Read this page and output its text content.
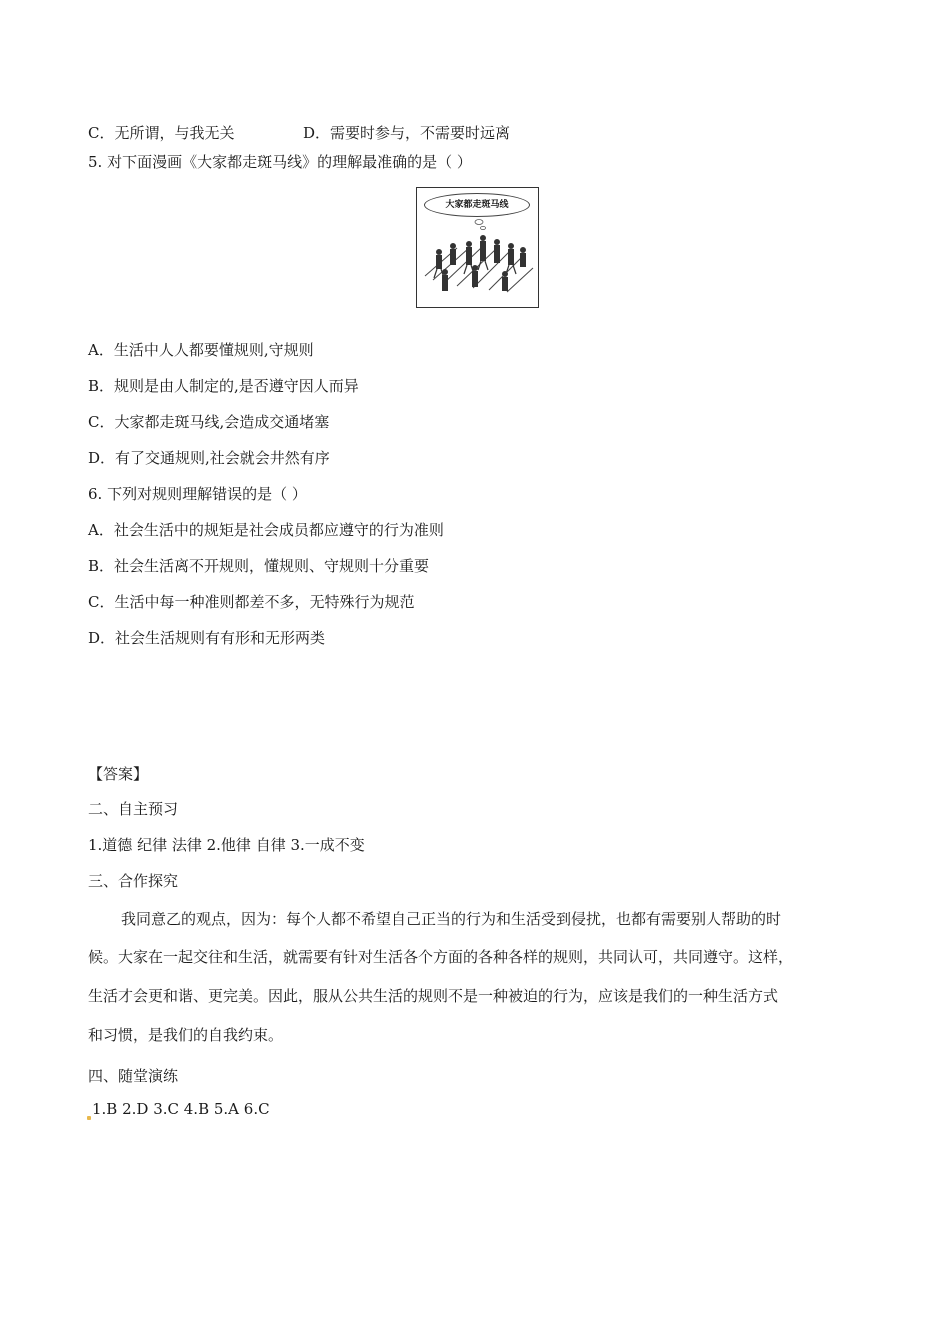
C．无所谓，与我无关	D．需要时参与，不需要时远离
5. 对下面漫画《大家都走斑马线》的理解最准确的是（ ）
大家都走斑马线
A．生活中人人都要懂规则,守规则
B．规则是由人制定的,是否遵守因人而异
C．大家都走斑马线,会造成交通堵塞
D．有了交通规则,社会就会井然有序
6. 下列对规则理解错误的是（ ）
A．社会生活中的规矩是社会成员都应遵守的行为准则
B．社会生活离不开规则，懂规则、守规则十分重要
C．生活中每一种准则都差不多，无特殊行为规范
D．社会生活规则有有形和无形两类
【答案】
二、自主预习
1.道德 纪律 法律 2.他律 自律 3.一成不变
三、合作探究
我同意乙的观点，因为：每个人都不希望自己正当的行为和生活受到侵扰，也都有需要别人帮助的时
候。大家在一起交往和生活，就需要有针对生活各个方面的各种各样的规则，共同认可，共同遵守。这样，
生活才会更和谐、更完美。因此，服从公共生活的规则不是一种被迫的行为，应该是我们的一种生活方式
和习惯，是我们的自我约束。
四、随堂演练
1.B 2.D 3.C 4.B 5.A 6.C
